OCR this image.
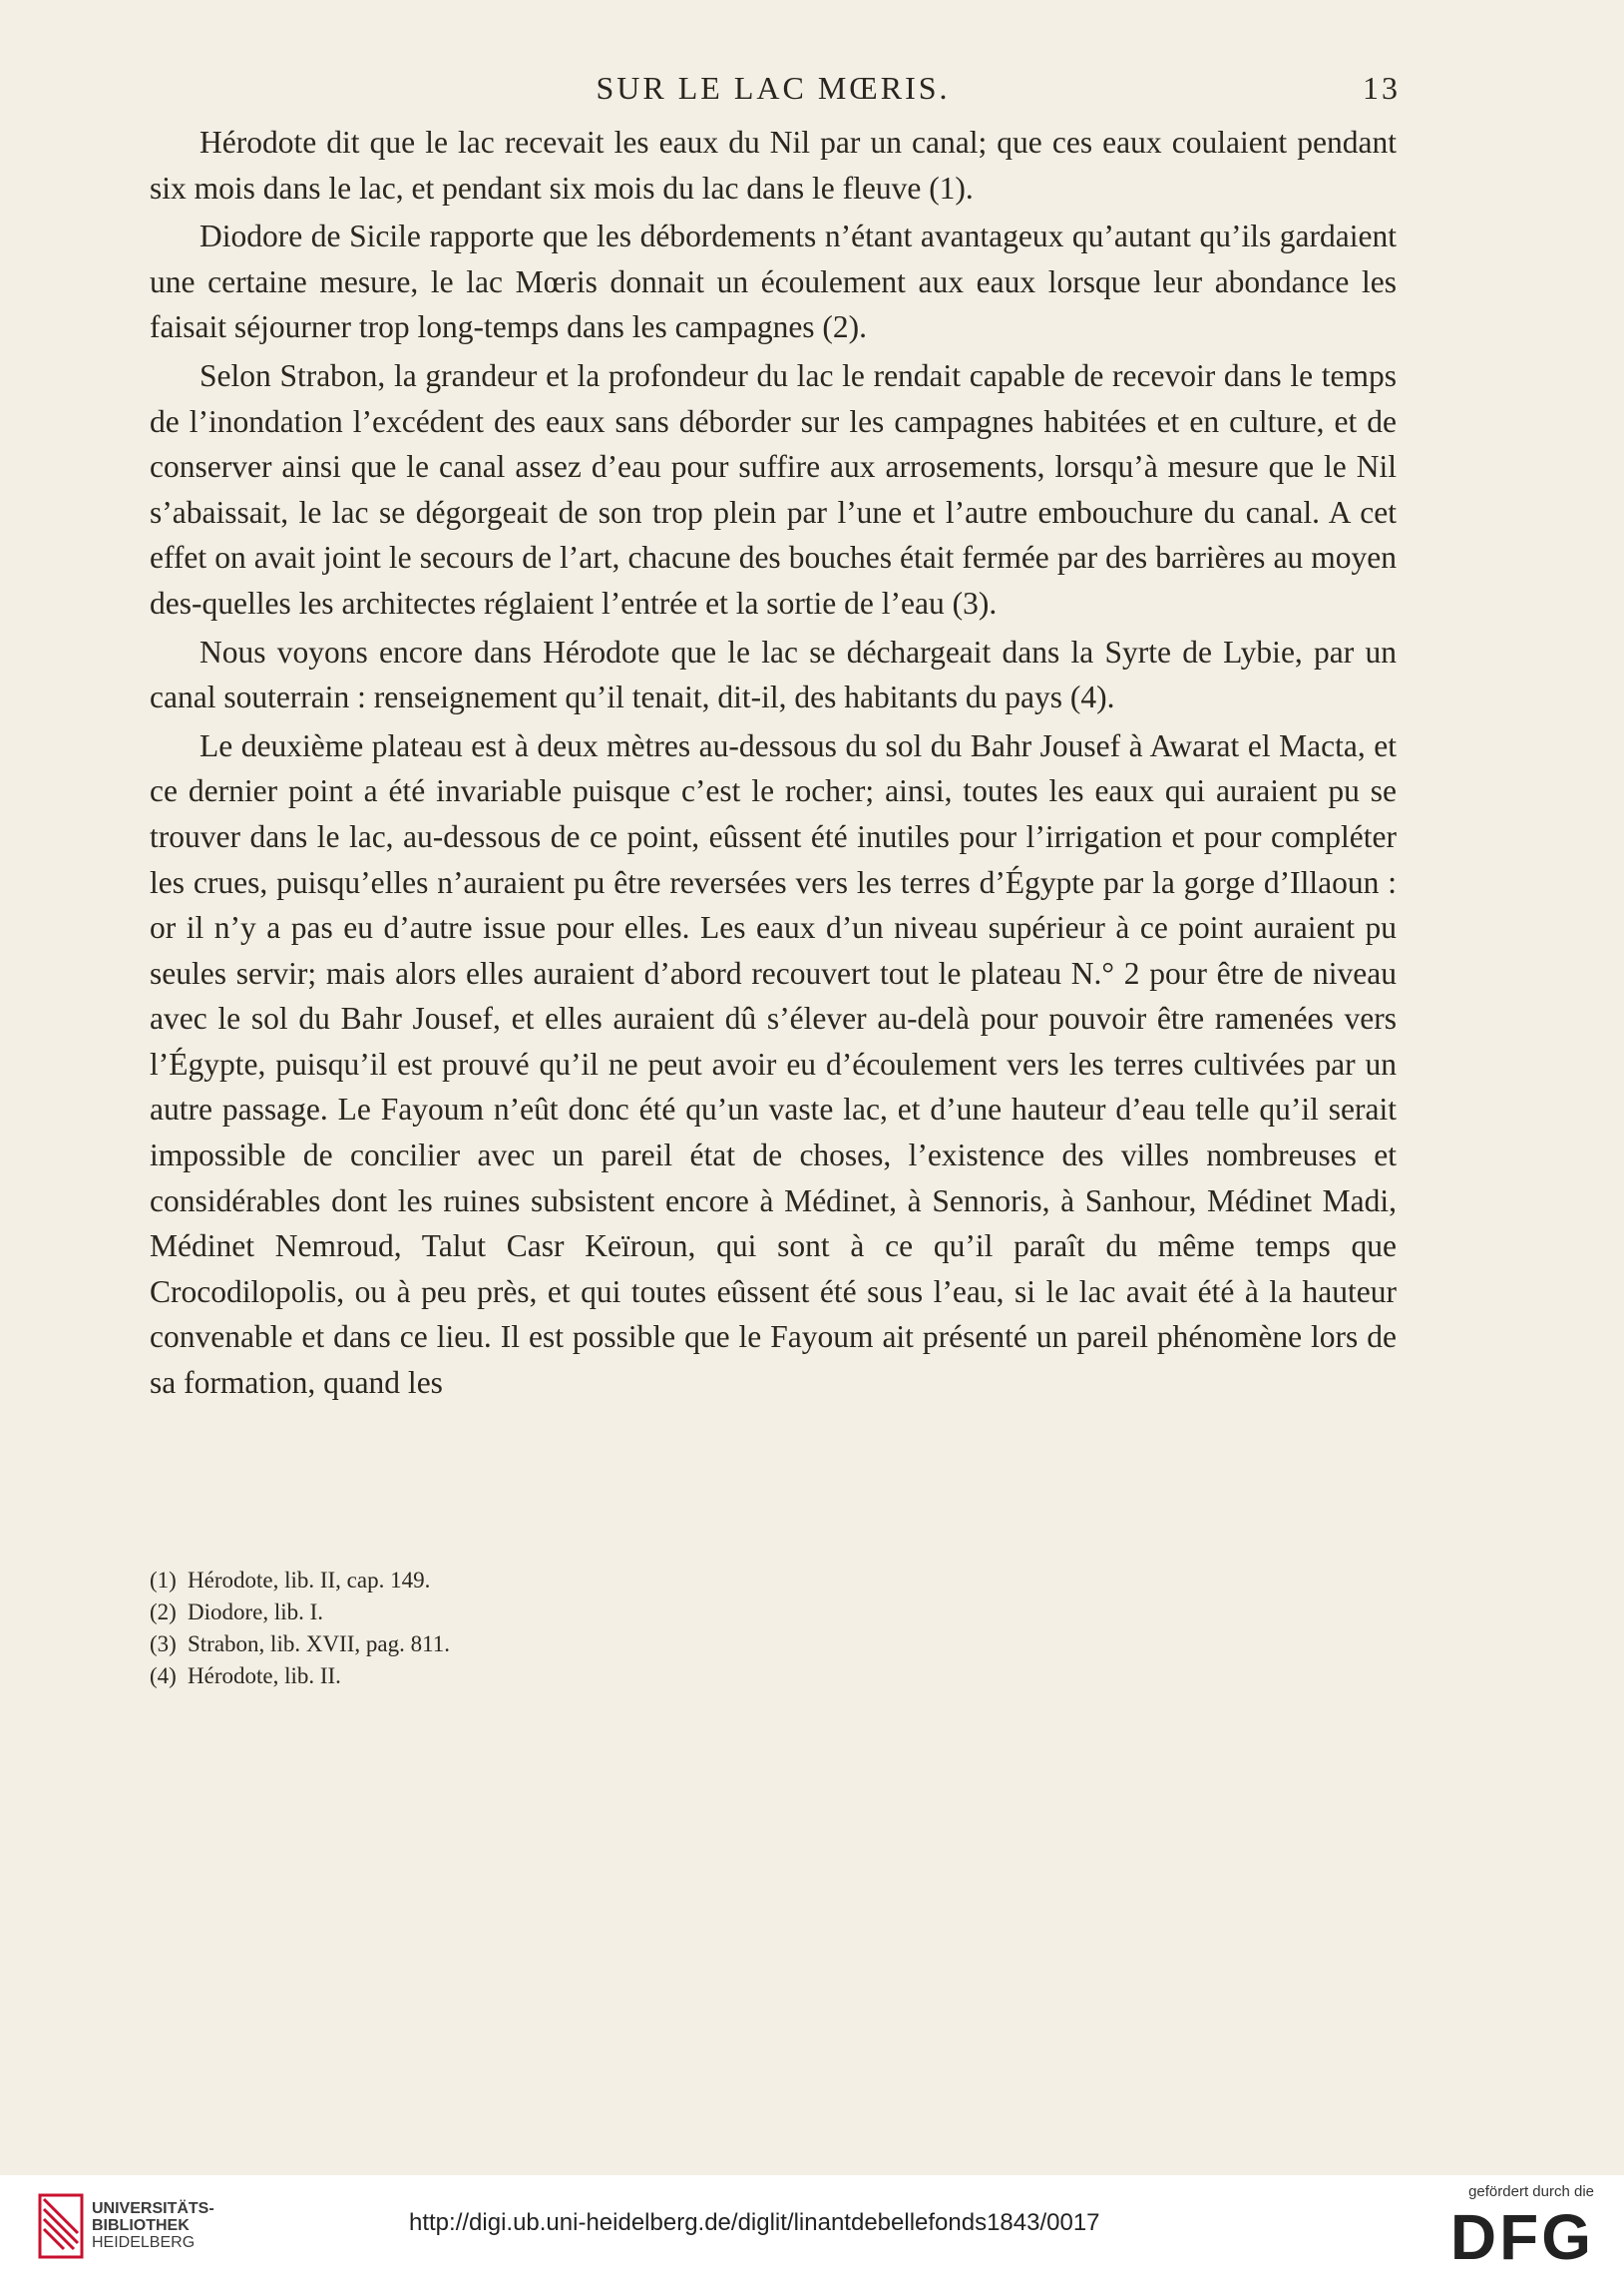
SUR LE LAC MŒRIS.	13

Hérodote dit que le lac recevait les eaux du Nil par un canal; que ces eaux coulaient pendant six mois dans le lac, et pendant six mois du lac dans le fleuve (1).

Diodore de Sicile rapporte que les débordements n’étant avantageux qu’autant qu’ils gardaient une certaine mesure, le lac Mœris donnait un écoulement aux eaux lorsque leur abondance les faisait séjourner trop long-temps dans les campagnes (2).

Selon Strabon, la grandeur et la profondeur du lac le rendait capable de recevoir dans le temps de l’inondation l’excédent des eaux sans déborder sur les campagnes habitées et en culture, et de conserver ainsi que le canal assez d’eau pour suffire aux arrosements, lorsqu’à mesure que le Nil s’abaissait, le lac se dégorgeait de son trop plein par l’une et l’autre embouchure du canal. A cet effet on avait joint le secours de l’art, chacune des bouches était fermée par des barrières au moyen des-quelles les architectes réglaient l’entrée et la sortie de l’eau (3).

Nous voyons encore dans Hérodote que le lac se déchargeait dans la Syrte de Lybie, par un canal souterrain : renseignement qu’il tenait, dit-il, des habitants du pays (4).

Le deuxième plateau est à deux mètres au-dessous du sol du Bahr Jousef à Awarat el Macta, et ce dernier point a été invariable puisque c’est le rocher; ainsi, toutes les eaux qui auraient pu se trouver dans le lac, au-dessous de ce point, eûssent été inutiles pour l’irrigation et pour compléter les crues, puisqu’elles n’auraient pu être reversées vers les terres d’Égypte par la gorge d’Illaoun : or il n’y a pas eu d’autre issue pour elles. Les eaux d’un niveau supérieur à ce point auraient pu seules servir; mais alors elles auraient d’abord recouvert tout le plateau N.° 2 pour être de niveau avec le sol du Bahr Jousef, et elles auraient dû s’élever au-delà pour pouvoir être ramenées vers l’Égypte, puisqu’il est prouvé qu’il ne peut avoir eu d’écoulement vers les terres cultivées par un autre passage. Le Fayoum n’eût donc été qu’un vaste lac, et d’une hauteur d’eau telle qu’il serait impossible de concilier avec un pareil état de choses, l’existence des villes nombreuses et considérables dont les ruines subsistent encore à Médinet, à Sennoris, à Sanhour, Médinet Madi, Médinet Nemroud, Talut Casr Keïroun, qui sont à ce qu’il paraît du même temps que Crocodilopolis, ou à peu près, et qui toutes eûssent été sous l’eau, si le lac avait été à la hauteur convenable et dans ce lieu. Il est possible que le Fayoum ait présenté un pareil phénomène lors de sa formation, quand les

(1) Hérodote, lib. II, cap. 149.
(2) Diodore, lib. I.
(3) Strabon, lib. XVII, pag. 811.
(4) Hérodote, lib. II.
UNIVERSITÄTS-
BIBLIOTHEK
HEIDELBERG
http://digi.ub.uni-heidelberg.de/diglit/linantdebellefonds1843/0017
gefördert durch die
DFG
